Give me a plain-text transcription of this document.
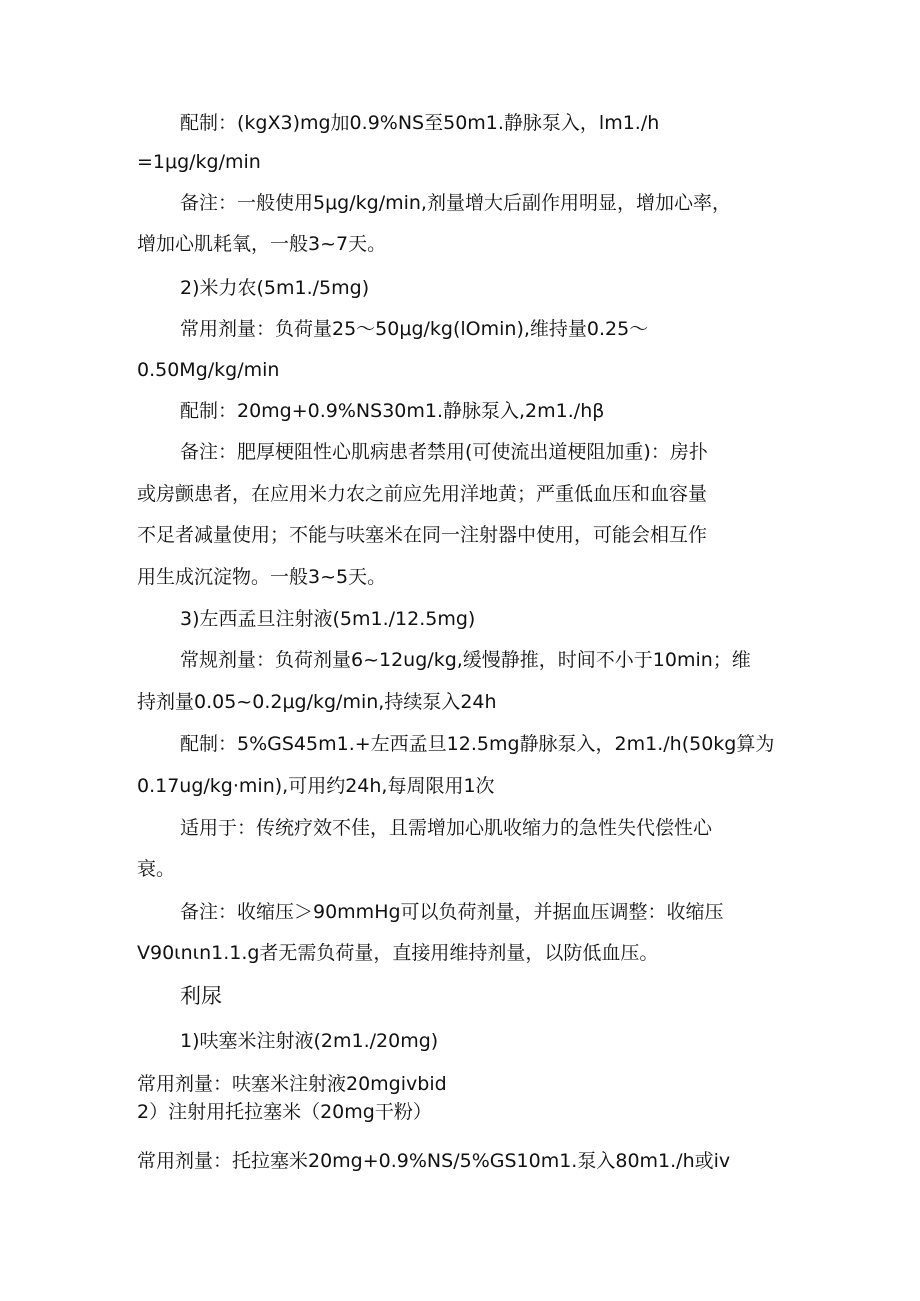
配制：(kgX3)mg加0.9%NS至50m1.静脉泵入，lm1./h
=1μg/kg/min
备注：一般使用5μg/kg/min,剂量增大后副作用明显，增加心率，
增加心肌耗氧，一般3~7天。
2)米力农(5m1./5mg)
常用剂量：负荷量25～50μg/kg(lOmin),维持量0.25～
0.50Mg/kg/min
配制：20mg+0.9%NS30m1.静脉泵入,2m1./hβ
备注：肥厚梗阻性心肌病患者禁用(可使流出道梗阻加重)：房扑
或房颤患者，在应用米力农之前应先用洋地黄；严重低血压和血容量
不足者减量使用；不能与呋塞米在同一注射器中使用，可能会相互作
用生成沉淀物。一般3~5天。
3)左西孟旦注射液(5m1./12.5mg)
常规剂量：负荷剂量6~12ug/kg,缓慢静推，时间不小于10min；维
持剂量0.05~0.2μg/kg/min,持续泵入24h
配制：5%GS45m1.+左西孟旦12.5mg静脉泵入，2m1./h(50kg算为
0.17ug/kg·min),可用约24h,每周限用1次
适用于：传统疗效不佳，且需增加心肌收缩力的急性失代偿性心
衰。
备注：收缩压＞90mmHg可以负荷剂量，并据血压调整：收缩压
V90ιnιn1.1.g者无需负荷量，直接用维持剂量，以防低血压。
利尿
1)呋塞米注射液(2m1./20mg)
常用剂量：呋塞米注射液20mgivbid
2）注射用托拉塞米（20mg干粉）
常用剂量：托拉塞米20mg+0.9%NS/5%GS10m1.泵入80m1./h或iv
